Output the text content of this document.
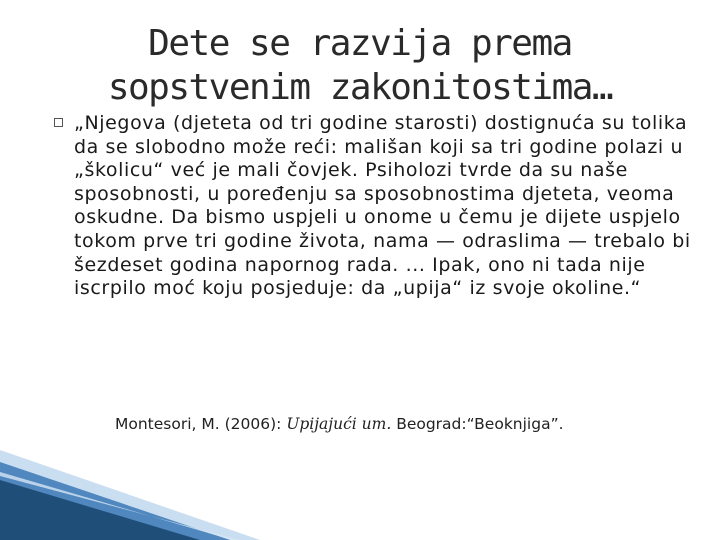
Dete se razvija prema sopstvenim zakonitostima…

„Njegova (djeteta od tri godine starosti) dostignuća su tolika da se slobodno može reći: mališan koji sa tri godine polazi u „školicu“ već je mali čovjek. Psiholozi tvrde da su naše sposobnosti, u poređenju sa sposobnostima djeteta, veoma oskudne. Da bismo uspjeli u onome u čemu je dijete uspjelo tokom prve tri godine života, nama — odraslima — trebalo bi šezdeset godina napornog rada. ... Ipak, ono ni tada nije iscrpilo moć koju posjeduje: da „upija“ iz svoje okoline.“

Montesori, M. (2006): Upijajući um. Beograd:“Beoknjiga”.
